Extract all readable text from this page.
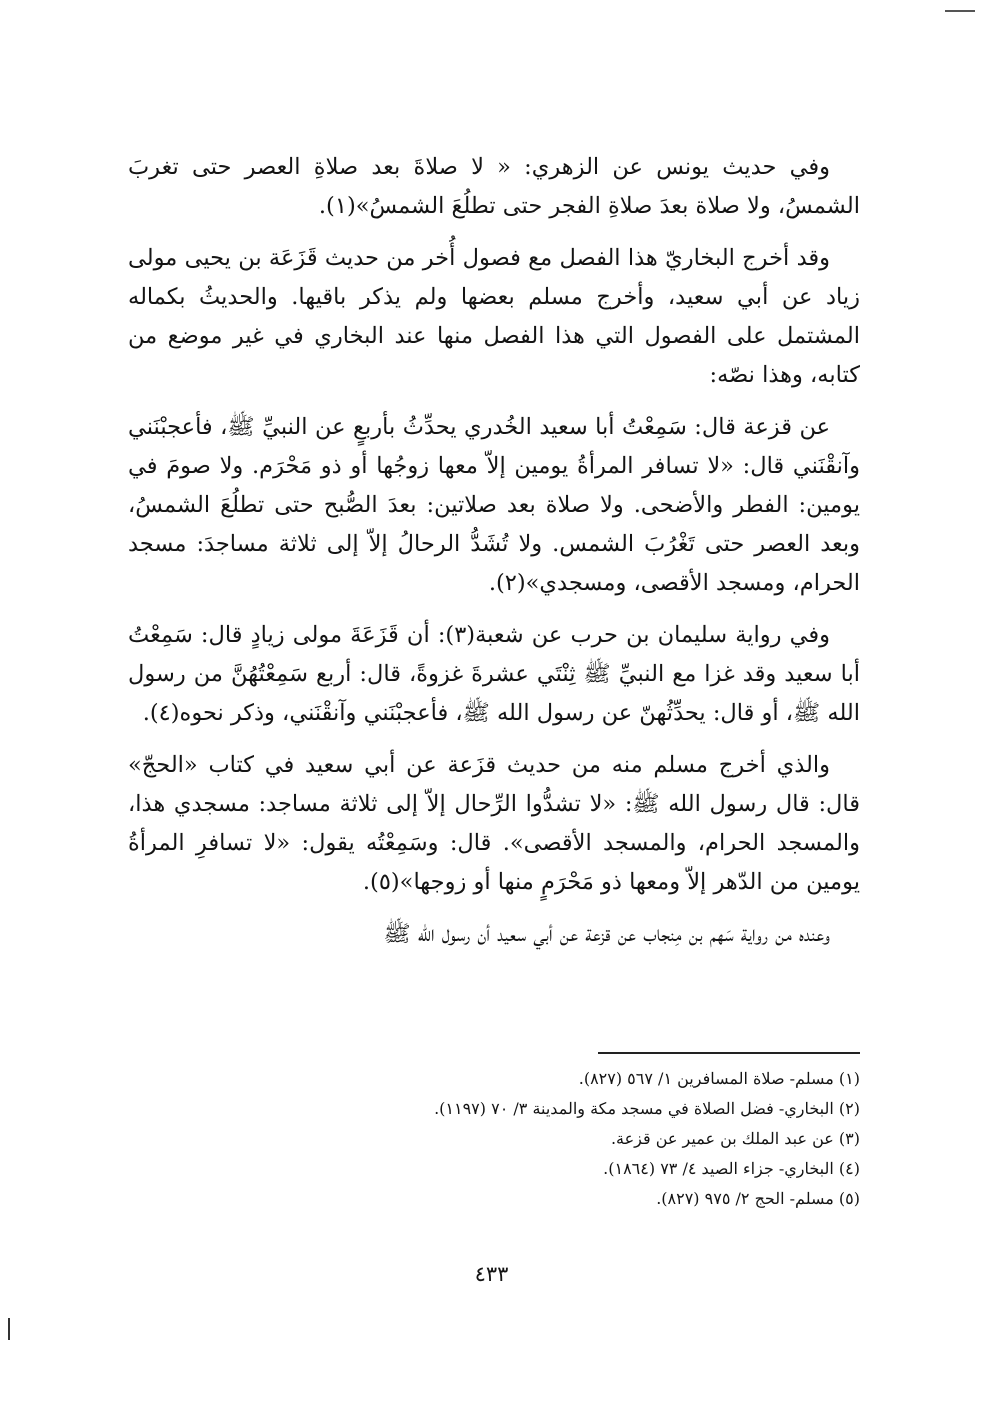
وفي حديث يونس عن الزهري: « لا صلاةَ بعد صلاةِ العصر حتى تغربَ الشمسُ، ولا صلاة بعدَ صلاةِ الفجر حتى تطلُعَ الشمسُ»(١).

وقد أخرج البخاريّ هذا الفصل مع فصول أُخر من حديث قَزَعَة بن يحيى مولى زياد عن أبي سعيد، وأخرج مسلم بعضها ولم يذكر باقيها. والحديثُ بكماله المشتمل على الفصول التي هذا الفصل منها عند البخاري في غير موضع من كتابه، وهذا نصّه:

عن قزعة قال: سَمِعْتُ أبا سعيد الخُدري يحدِّثُ بأربعٍ عن النبيِّ ﷺ، فأعجبْنَني وآنقْنَني قال: «لا تسافر المرأةُ يومين إلاّ معها زوجُها أو ذو مَحْرَم. ولا صومَ في يومين: الفطر والأضحى. ولا صلاة بعد صلاتين: بعدَ الصُّبح حتى تطلُعَ الشمسُ، وبعد العصر حتى تَغْرُبَ الشمس. ولا تُشَدُّ الرحالُ إلاّ إلى ثلاثة مساجدَ: مسجد الحرام، ومسجد الأقصى، ومسجدي»(٢).

وفي رواية سليمان بن حرب عن شعبة(٣): أن قَزَعَةَ مولى زيادٍ قال: سَمِعْتُ أبا سعيد وقد غزا مع النبيِّ ﷺ ثِنْتَي عشرةَ غزوةً، قال: أربع سَمِعْتُهُنَّ من رسول الله ﷺ، أو قال: يحدِّثُهنّ عن رسول الله ﷺ، فأعجبْنَني وآنقْنَني، وذكر نحوه(٤).

والذي أخرج مسلم منه من حديث قزَعة عن أبي سعيد في كتاب «الحجّ» قال: قال رسول الله ﷺ: «لا تشدُّوا الرِّحال إلاّ إلى ثلاثة مساجد: مسجدي هذا، والمسجد الحرام، والمسجد الأقصى». قال: وسَمِعْتُه يقول: «لا تسافرِ المرأةُ يومين من الدّهر إلاّ ومعها ذو مَحْرَمٍ منها أو زوجها»(٥).

وعنده من رواية سَهم بن مِنجاب عن قزعة عن أبي سعيد أن رسول الله ﷺ

(١) مسلم- صلاة المسافرين ١/ ٥٦٧ (٨٢٧).
(٢) البخاري- فضل الصلاة في مسجد مكة والمدينة ٣/ ٧٠ (١١٩٧).
(٣) عن عبد الملك بن عمير عن قزعة.
(٤) البخاري- جزاء الصيد ٤/ ٧٣ (١٨٦٤).
(٥) مسلم- الحج ٢/ ٩٧٥ (٨٢٧).
٤٣٣
